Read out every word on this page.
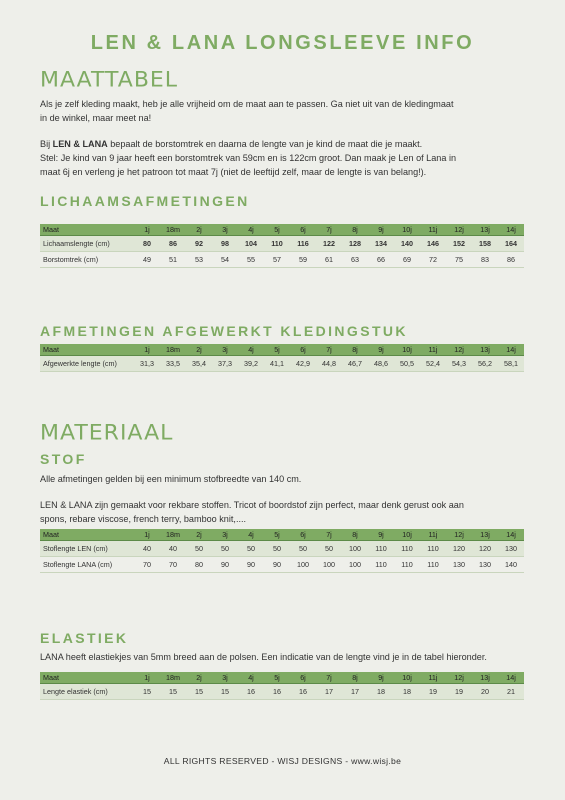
LEN & LANA LONGSLEEVE INFO
MAATTABEL
Als je zelf kleding maakt, heb je alle vrijheid om de maat aan te passen. Ga niet uit van de kledingmaat
in de winkel, maar meet na!
Bij LEN & LANA bepaalt de borstomtrek en daarna de lengte van je kind de maat die je maakt.
Stel: Je kind van 9 jaar heeft een borstomtrek van 59cm en is 122cm groot. Dan maak je Len of Lana in
maat 6j en verleng je het patroon tot maat 7j (niet de leeftijd zelf, maar de lengte is van belang!).
LICHAAMSAFMETINGEN
Maat	1j	18m	2j	3j	4j	5j	6j	7j	8j	9j	10j	11j	12j	13j	14j
Lichaamslengte (cm)	80	86	92	98	104	110	116	122	128	134	140	146	152	158	164
Borstomtrek (cm)	49	51	53	54	55	57	59	61	63	66	69	72	75	83	86
AFMETINGEN AFGEWERKT KLEDINGSTUK
Maat	1j	18m	2j	3j	4j	5j	6j	7j	8j	9j	10j	11j	12j	13j	14j
Afgewerkte lengte (cm)	31,3	33,5	35,4	37,3	39,2	41,1	42,9	44,8	46,7	48,6	50,5	52,4	54,3	56,2	58,1
MATERIAAL
STOF
Alle afmetingen gelden bij een minimum stofbreedte van 140 cm.
LEN & LANA zijn gemaakt voor rekbare stoffen. Tricot of boordstof zijn perfect, maar denk gerust ook aan
spons, rebare viscose, french terry, bamboo knit,....
Maat	1j	18m	2j	3j	4j	5j	6j	7j	8j	9j	10j	11j	12j	13j	14j
Stoflengte LEN (cm)	40	40	50	50	50	50	50	50	100	110	110	110	120	120	130
Stoflengte LANA (cm)	70	70	80	90	90	90	100	100	100	110	110	110	130	130	140
ELASTIEK
LANA heeft elastiekjes van 5mm breed aan de polsen. Een indicatie van de lengte vind je in de tabel hieronder.
Maat	1j	18m	2j	3j	4j	5j	6j	7j	8j	9j	10j	11j	12j	13j	14j
Lengte elastiek (cm)	15	15	15	15	16	16	16	17	17	18	18	19	19	20	21
ALL RIGHTS RESERVED - WISJ DESIGNS - www.wisj.be
